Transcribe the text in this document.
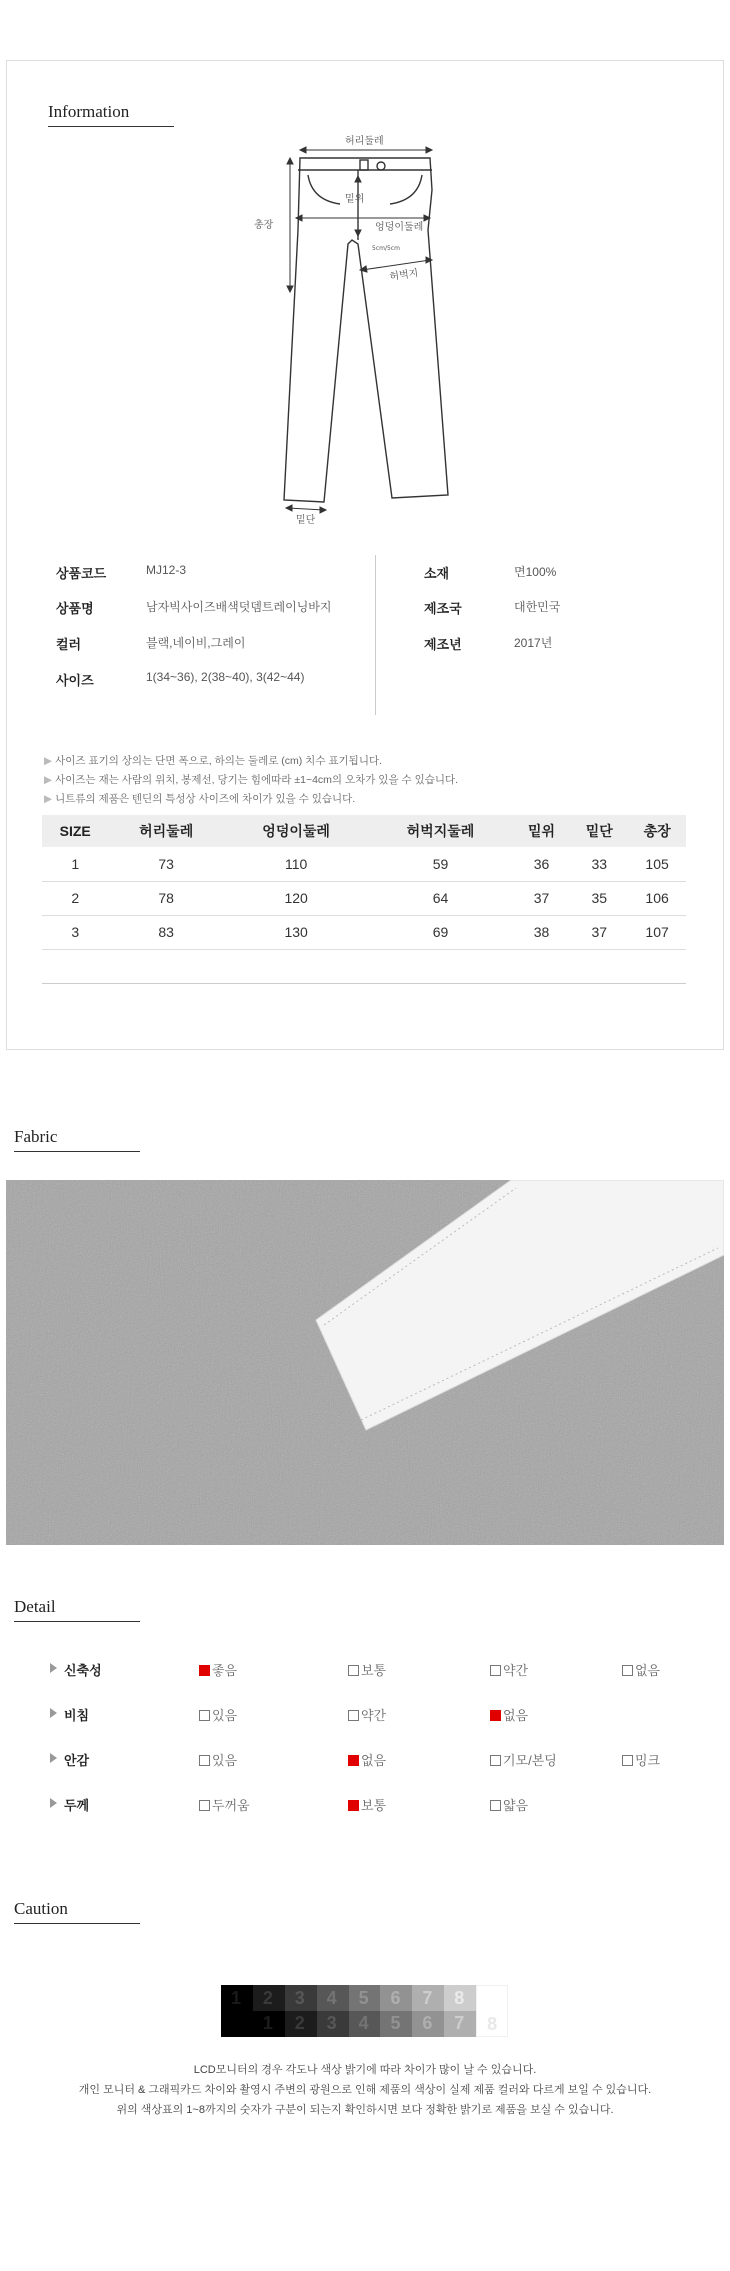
Information
허리둘레
밑위
총장	엉덩이둘레
5cm/5cm
허벅지
밑단
상품코드	MJ12-3
상품명	남자빅사이즈배색덧뎀트레이닝바지
컬러	블랙,네이비,그레이
사이즈	1(34~36), 2(38~40), 3(42~44)
소재	면100%
제조국	대한민국
제조년	2017년
▶ 사이즈 표기의 상의는 단면 폭으로, 하의는 둘레로 (cm) 치수 표기됩니다.
▶ 사이즈는 재는 사람의 위치, 봉제선, 당기는 힘에따라 ±1~4cm의 오차가 있을 수 있습니다.
▶ 니트류의 제품은 텐딘의 특성상 사이즈에 차이가 있을 수 있습니다.
SIZE	허리둘레	엉덩이둘레	허벅지둘레	밑위	밑단	총장
1	73	110	59	36	33	105
2	78	120	64	37	35	106
3	83	130	69	38	37	107

Fabric
Detail
신축성	좋음	보통	약간	없음
비침	있음	약간	없음
안감	있음	없음	기모/본딩	밍크
두께	두꺼움	보통	얇음
Caution
1 2
1
3
2
4
3
5
4
6
5
7
6
8
7 8
LCD모니터의 경우 각도나 색상 밝기에 따라 차이가 많이 날 수 있습니다.
개인 모니터 & 그래픽카드 차이와 촬영시 주변의 광원으로 인해 제품의 색상이 실제 제품 컬러와 다르게 보일 수 있습니다.
위의 색상표의 1~8까지의 숫자가 구분이 되는지 확인하시면 보다 정확한 밝기로 제품을 보실 수 있습니다.
